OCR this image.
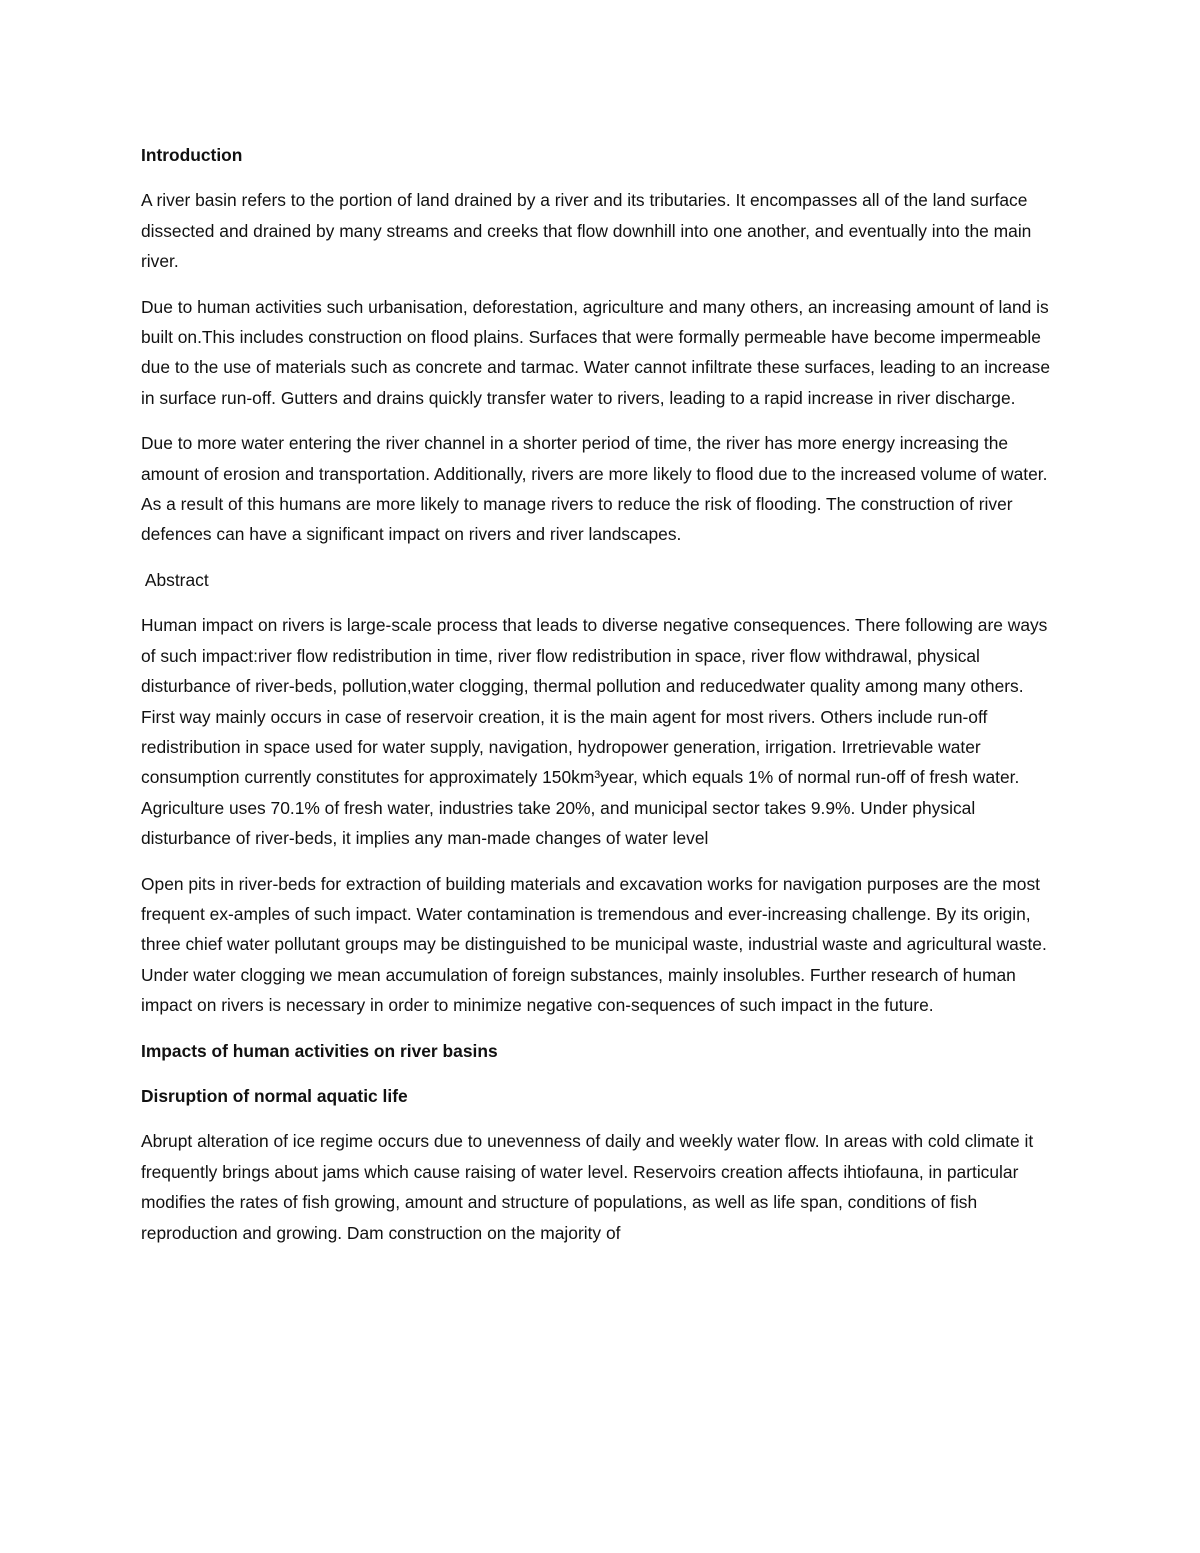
Introduction

A river basin refers to the portion of land drained by a river and its tributaries. It encompasses all of the land surface dissected and drained by many streams and creeks that flow downhill into one another, and eventually into the main river.

Due to human activities such urbanisation, deforestation, agriculture and many others, an increasing amount of land is built on.This includes construction on flood plains. Surfaces that were formally permeable have become impermeable due to the use of materials such as concrete and tarmac. Water cannot infiltrate these surfaces, leading to an increase in surface run-off. Gutters and drains quickly transfer water to rivers, leading to a rapid increase in river discharge.

Due to more water entering the river channel in a shorter period of time, the river has more energy increasing the amount of erosion and transportation. Additionally, rivers are more likely to flood due to the increased volume of water. As a result of this humans are more likely to manage rivers to reduce the risk of flooding. The construction of river defences can have a significant impact on rivers and river landscapes.

Abstract

Human impact on rivers is large-scale process that leads to diverse negative consequences. There following are ways of such impact:river flow redistribution in time, river flow redistribution in space, river flow withdrawal, physical disturbance of river-beds, pollution,water clogging, thermal pollution and reducedwater quality among many others. First way mainly occurs in case of reservoir creation, it is the main agent for most rivers. Others include run-off redistribution in space used for water supply, navigation, hydropower generation, irrigation. Irretrievable water consumption currently constitutes for approximately 150km³year, which equals 1% of normal run-off of fresh water. Agriculture uses 70.1% of fresh water, industries take 20%, and municipal sector takes 9.9%. Under physical disturbance of river-beds, it implies any man-made changes of water level

Open pits in river-beds for extraction of building materials and excavation works for navigation purposes are the most frequent ex-amples of such impact. Water contamination is tremendous and ever-increasing challenge. By its origin, three chief water pollutant groups may be distinguished to be municipal waste, industrial waste and agricultural waste. Under water clogging we mean accumulation of foreign substances, mainly insolubles. Further research of human impact on rivers is necessary in order to minimize negative con-sequences of such impact in the future.

Impacts of human activities on river basins

Disruption of normal aquatic life

Abrupt alteration of ice regime occurs due to unevenness of daily and weekly water flow. In areas with cold climate it frequently brings about jams which cause raising of water level. Reservoirs creation affects ihtiofauna, in particular modifies the rates of fish growing, amount and structure of populations, as well as life span, conditions of fish reproduction and growing. Dam construction on the majority of
